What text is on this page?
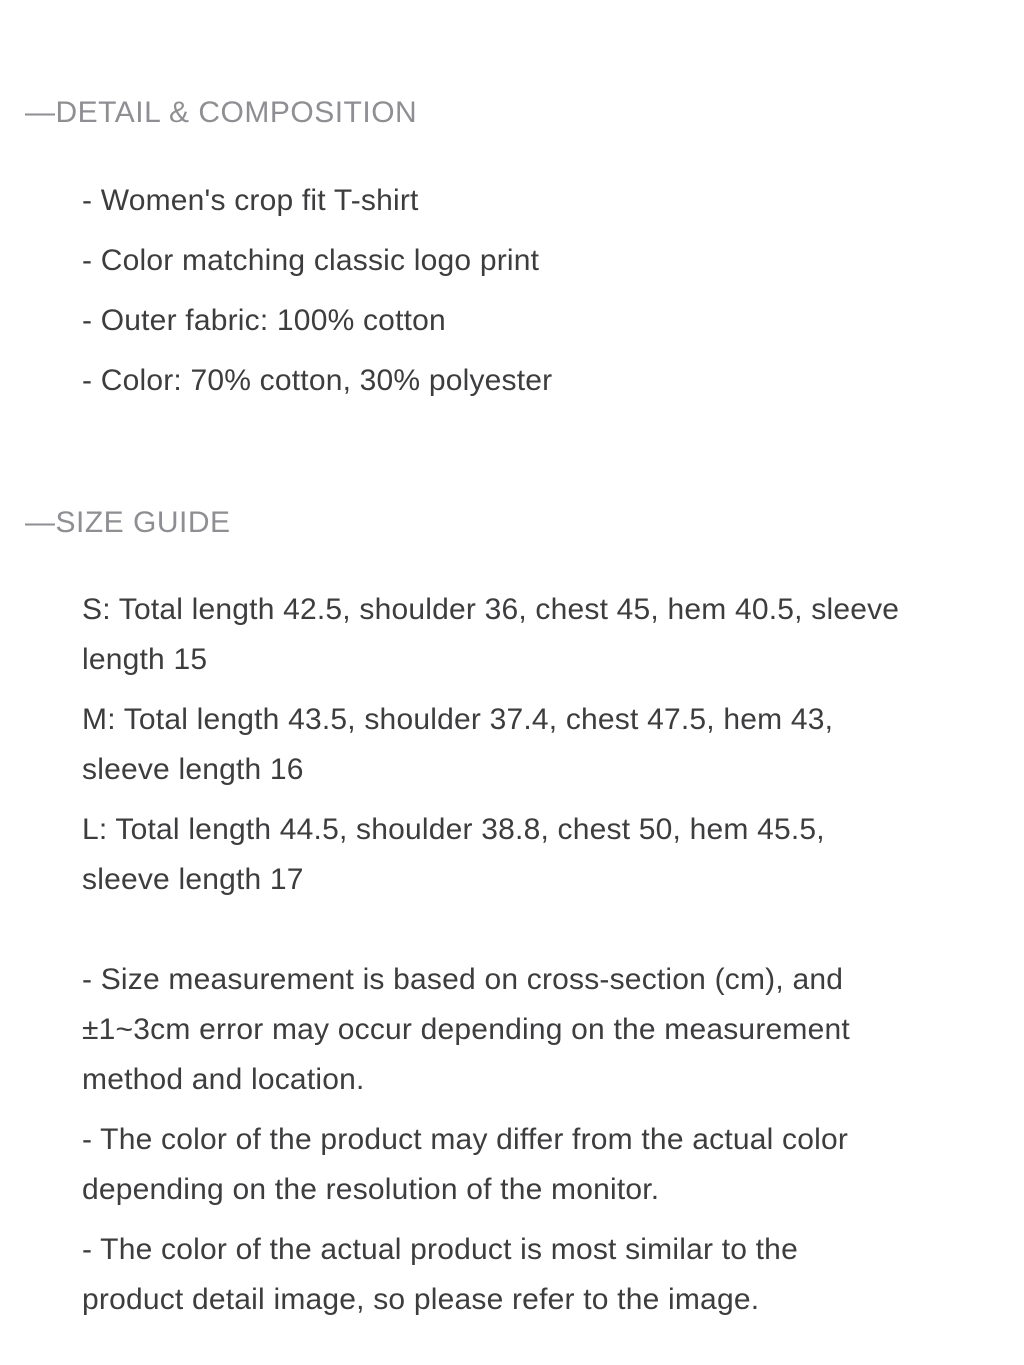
—DETAIL & COMPOSITION
- Women's crop fit T-shirt
- Color matching classic logo print
- Outer fabric: 100% cotton
- Color: 70% cotton, 30% polyester
—SIZE GUIDE
S: Total length 42.5, shoulder 36, chest 45, hem 40.5, sleeve length 15
M: Total length 43.5, shoulder 37.4, chest 47.5, hem 43, sleeve length 16
L: Total length 44.5, shoulder 38.8, chest 50, hem 45.5, sleeve length 17
- Size measurement is based on cross-section (cm), and ±1~3cm error may occur depending on the measurement method and location.
- The color of the product may differ from the actual color depending on the resolution of the monitor.
- The color of the actual product is most similar to the product detail image, so please refer to the image.
